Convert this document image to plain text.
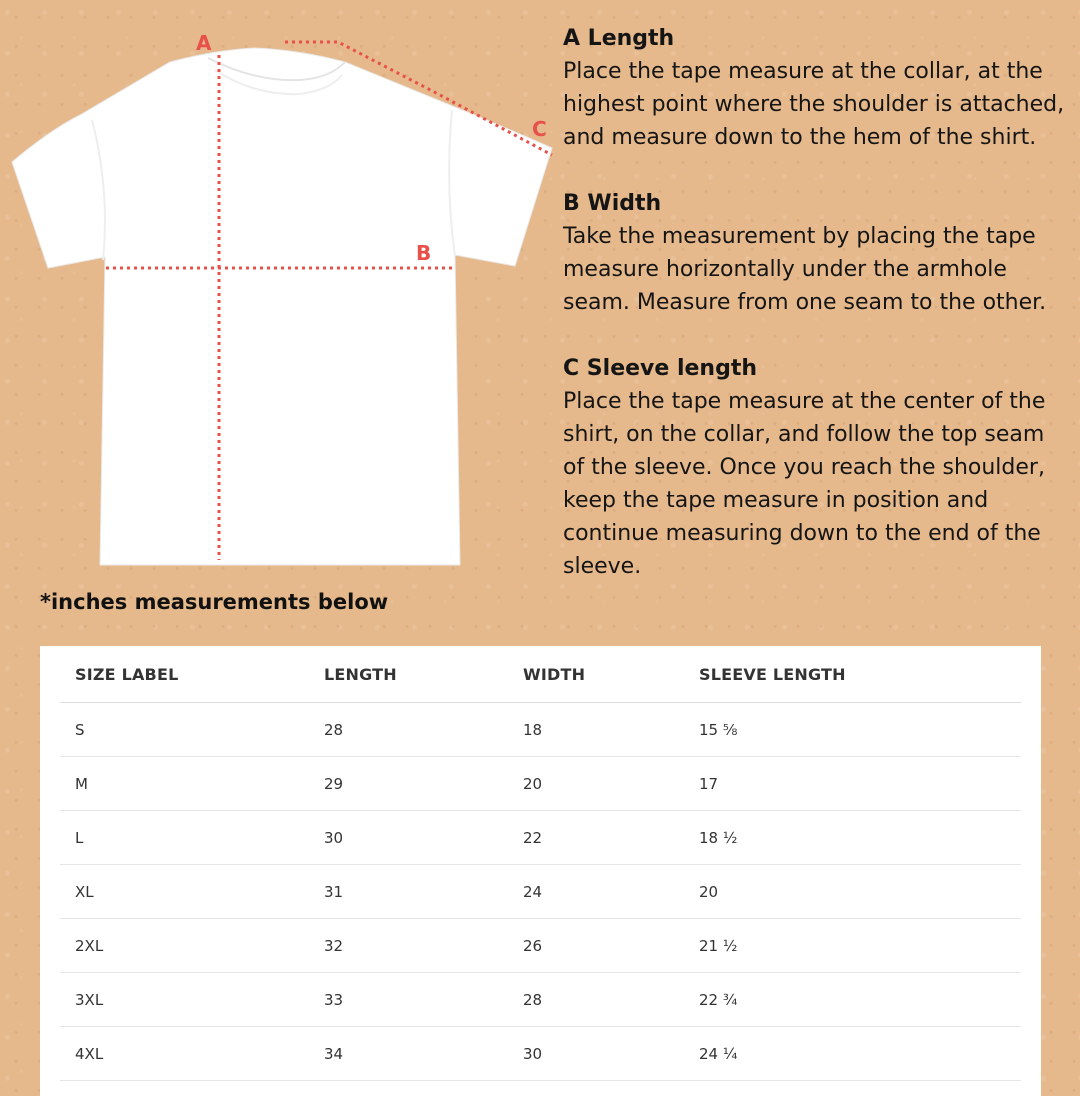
A
B
C
A Length

Place the tape measure at the collar, at the highest point where the shoulder is attached, and measure down to the hem of the shirt.

B Width

Take the measurement by placing the tape measure horizontally under the armhole seam. Measure from one seam to the other.

C Sleeve length

Place the tape measure at the center of the shirt, on the collar, and follow the top seam of the sleeve. Once you reach the shoulder, keep the tape measure in position and continue measuring down to the end of the sleeve.

*inches measurements below
SIZE LABEL	LENGTH	WIDTH	SLEEVE LENGTH
S	28	18	15 ⅝
M	29	20	17
L	30	22	18 ½
XL	31	24	20
2XL	32	26	21 ½
3XL	33	28	22 ¾
4XL	34	30	24 ¼
